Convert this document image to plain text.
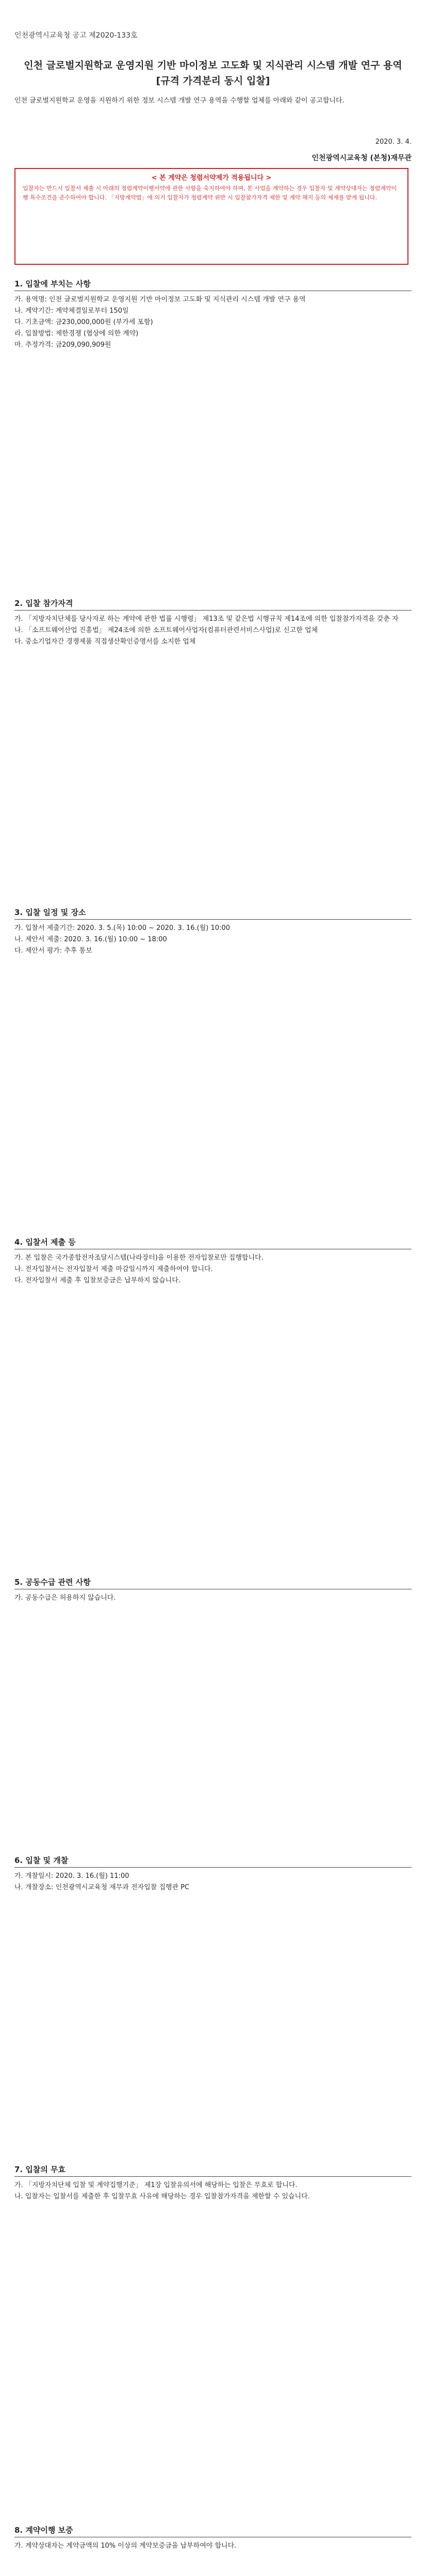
인천광역시교육청 공고 제2020-133호
인천 글로벌지원학교 운영지원 기반 마이정보 고도화 및 지식관리 시스템 개발 연구 용역
[규격 가격분리 동시 입찰]
인천 글로벌지원학교 운영을 지원하기 위한 정보 시스템 개발 연구 용역을 수행할 업체를 아래와 같이 공고합니다.
2020. 3. 4.
인천광역시교육청 (본청)재무관
< 본 계약은 청렴서약제가 적용됩니다 >
입찰자는 반드시 입찰서 제출 시 아래의 청렴계약이행서약에 관한 사항을 숙지하여야 하며, 본 사업을 계약하는 경우 입찰자 및 계약상대자는 청렴계약이행 특수조건을 준수하여야 합니다. 「지방계약법」에 의거 입찰자가 청렴계약 위반 시 입찰참가자격 제한 및 계약 해지 등의 제재를 받게 됩니다.
1. 입찰에 부치는 사항
가. 용역명: 인천 글로벌지원학교 운영지원 기반 마이정보 고도화 및 지식관리 시스템 개발 연구 용역
나. 계약기간: 계약체결일로부터 150일
다. 기초금액: 금230,000,000원 (부가세 포함)
라. 입찰방법: 제한경쟁 (협상에 의한 계약)
마. 추정가격: 금209,090,909원
2. 입찰 참가자격
가. 「지방자치단체를 당사자로 하는 계약에 관한 법률 시행령」 제13조 및 같은법 시행규칙 제14조에 의한 입찰참가자격을 갖춘 자
나. 「소프트웨어산업 진흥법」 제24조에 의한 소프트웨어사업자(컴퓨터관련서비스사업)로 신고한 업체
다. 중소기업자간 경쟁제품 직접생산확인증명서를 소지한 업체
3. 입찰 일정 및 장소
가. 입찰서 제출기간: 2020. 3. 5.(목) 10:00 ~ 2020. 3. 16.(월) 10:00
나. 제안서 제출: 2020. 3. 16.(월) 10:00 ~ 18:00
다. 제안서 평가: 추후 통보
4. 입찰서 제출 등
가. 본 입찰은 국가종합전자조달시스템(나라장터)을 이용한 전자입찰로만 집행합니다.
나. 전자입찰서는 전자입찰서 제출 마감일시까지 제출하여야 합니다.
다. 전자입찰서 제출 후 입찰보증금은 납부하지 않습니다.
5. 공동수급 관련 사항
가. 공동수급은 허용하지 않습니다.
6. 입찰 및 개찰
가. 개찰일시: 2020. 3. 16.(월) 11:00
나. 개찰장소: 인천광역시교육청 재무과 전자입찰 집행관 PC
7. 입찰의 무효
가. 「지방자치단체 입찰 및 계약집행기준」 제1장 입찰유의서에 해당하는 입찰은 무효로 합니다.
나. 입찰자는 입찰서를 제출한 후 입찰무효 사유에 해당하는 경우 입찰참가자격을 제한할 수 있습니다.
8. 계약이행 보증
가. 계약상대자는 계약금액의 10% 이상의 계약보증금을 납부하여야 합니다.
